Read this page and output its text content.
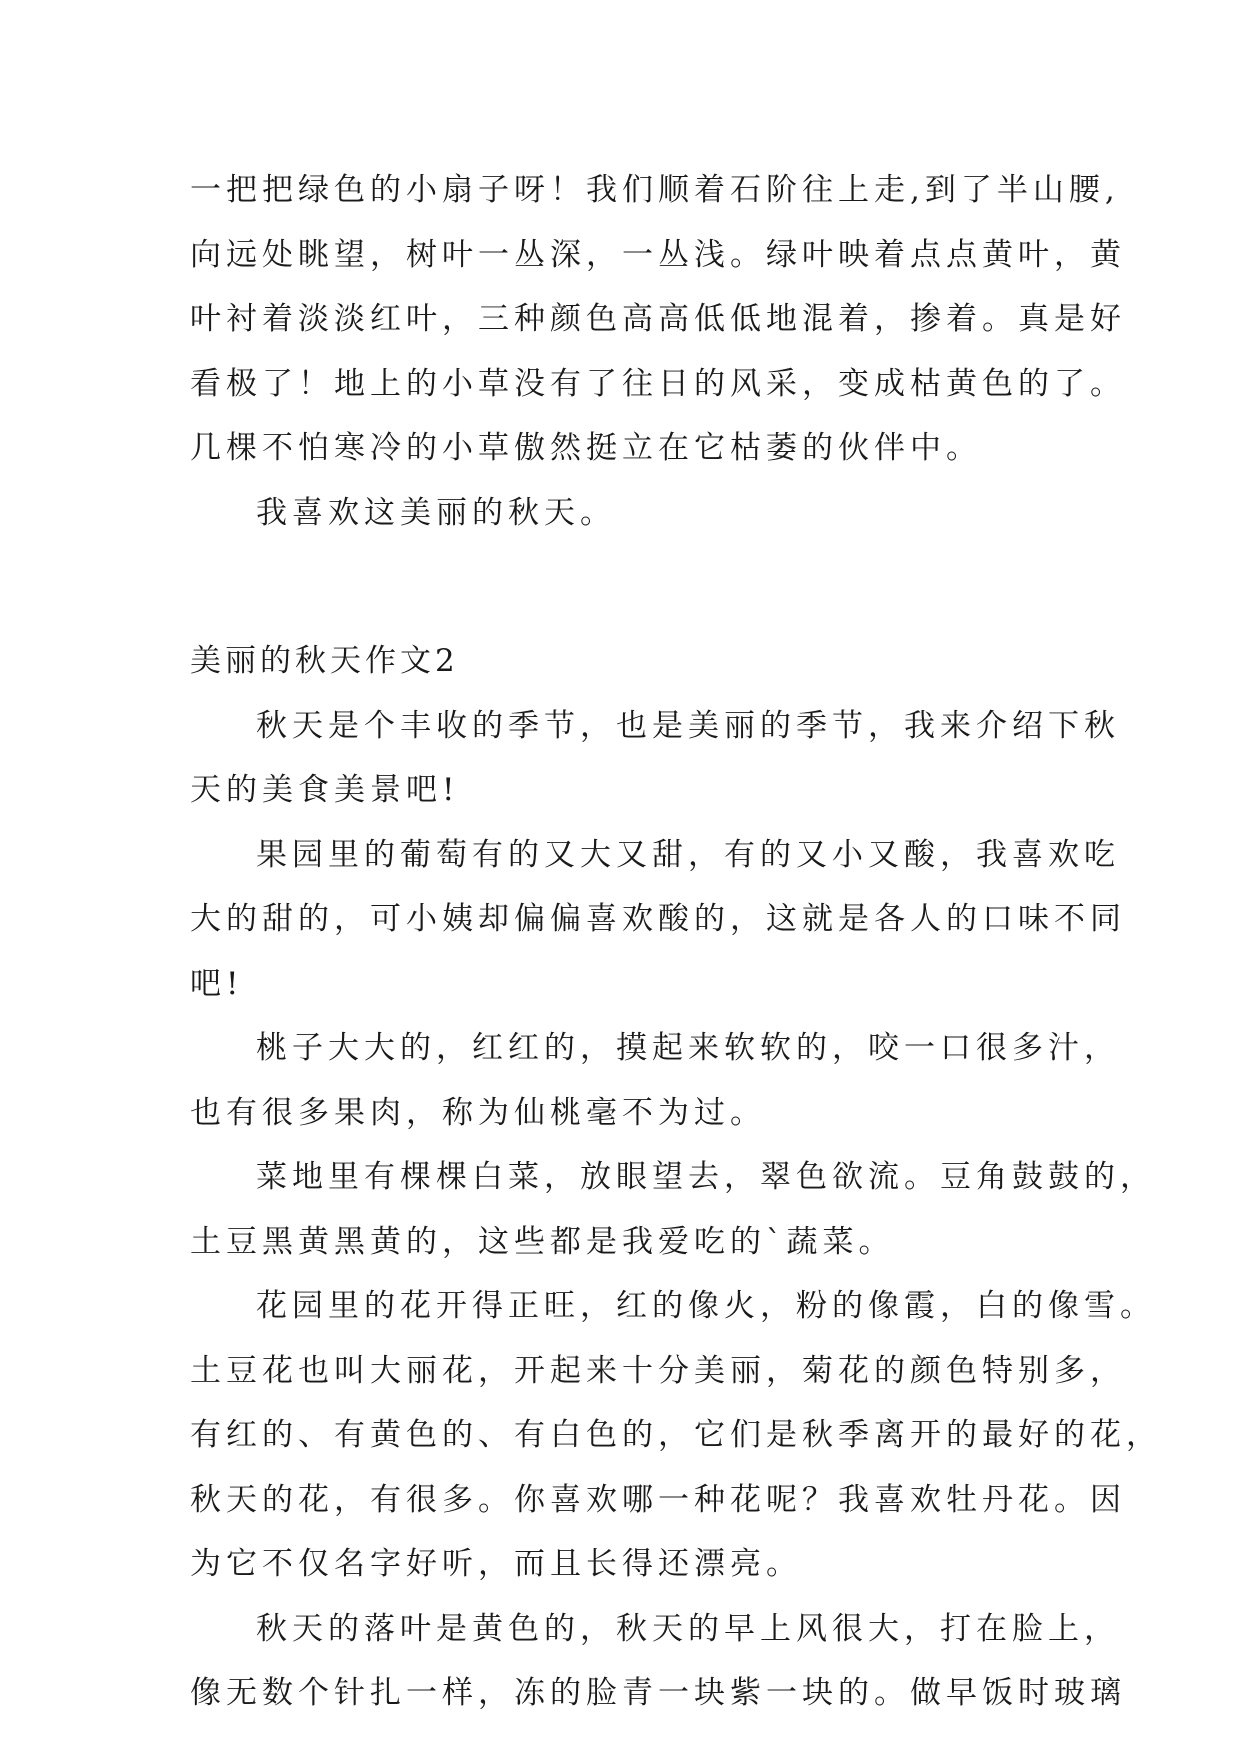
一把把绿色的小扇子呀！我们顺着石阶往上走,到了半山腰,
向远处眺望，树叶一丛深，一丛浅。绿叶映着点点黄叶，黄
叶衬着淡淡红叶，三种颜色高高低低地混着，掺着。真是好
看极了！地上的小草没有了往日的风采，变成枯黄色的了。
几棵不怕寒冷的小草傲然挺立在它枯萎的伙伴中。
我喜欢这美丽的秋天。
美丽的秋天作文2
秋天是个丰收的季节，也是美丽的季节，我来介绍下秋
天的美食美景吧!
果园里的葡萄有的又大又甜，有的又小又酸，我喜欢吃
大的甜的，可小姨却偏偏喜欢酸的，这就是各人的口味不同
吧!
桃子大大的，红红的，摸起来软软的，咬一口很多汁，
也有很多果肉，称为仙桃毫不为过。
菜地里有棵棵白菜，放眼望去，翠色欲流。豆角鼓鼓的，
土豆黑黄黑黄的，这些都是我爱吃的`蔬菜。
花园里的花开得正旺，红的像火，粉的像霞，白的像雪。
土豆花也叫大丽花，开起来十分美丽，菊花的颜色特别多，
有红的、有黄色的、有白色的，它们是秋季离开的最好的花，
秋天的花，有很多。你喜欢哪一种花呢？我喜欢牡丹花。因
为它不仅名字好听，而且长得还漂亮。
秋天的落叶是黄色的，秋天的早上风很大，打在脸上，
像无数个针扎一样，冻的脸青一块紫一块的。做早饭时玻璃
